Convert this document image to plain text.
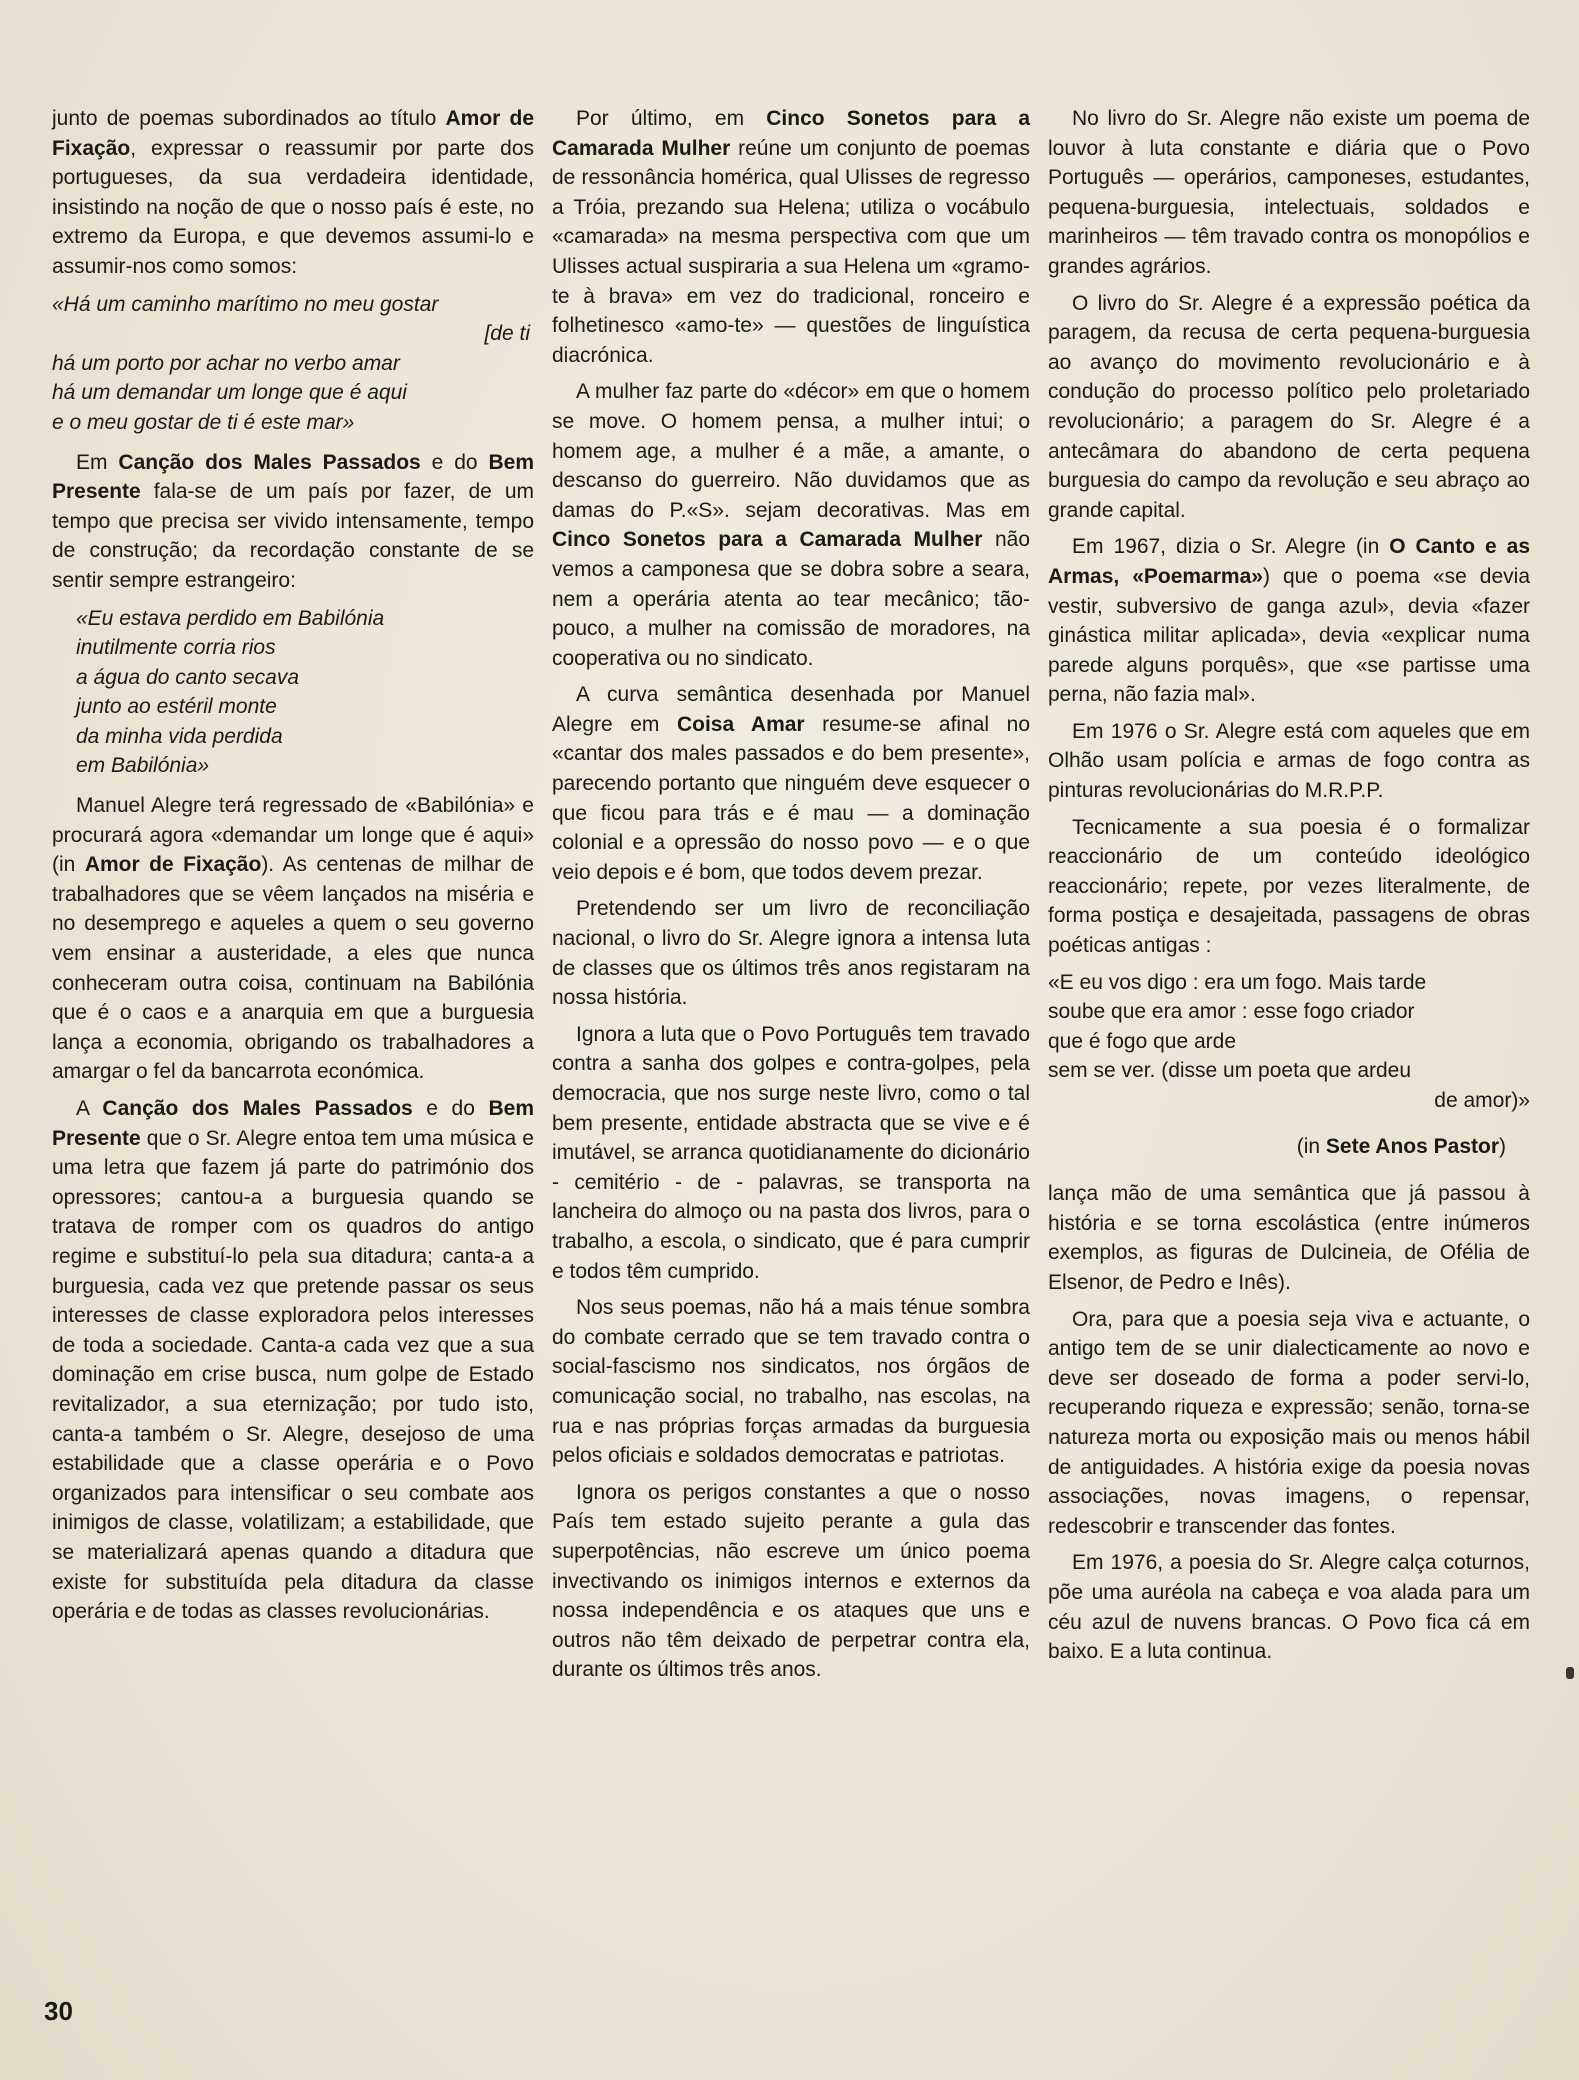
junto de poemas subordinados ao título Amor de Fixação, expressar o reassumir por parte dos portugueses, da sua verdadeira identidade, insistindo na noção de que o nosso país é este, no extremo da Europa, e que devemos assumi-lo e assumir-nos como somos:

«Há um caminho marítimo no meu gostar
[de ti
há um porto por achar no verbo amar
há um demandar um longe que é aqui
e o meu gostar de ti é este mar»

Em Canção dos Males Passados e do Bem Presente fala-se de um país por fazer, de um tempo que precisa ser vivido intensamente, tempo de construção; da recordação constante de se sentir sempre estrangeiro:

«Eu estava perdido em Babilónia
inutilmente corria rios
a água do canto secava
junto ao estéril monte
da minha vida perdida
em Babilónia»

Manuel Alegre terá regressado de «Babilónia» e procurará agora «demandar um longe que é aqui» (in Amor de Fixação). As centenas de milhar de trabalhadores que se vêem lançados na miséria e no desemprego e aqueles a quem o seu governo vem ensinar a austeridade, a eles que nunca conheceram outra coisa, continuam na Babilónia que é o caos e a anarquia em que a burguesia lança a economia, obrigando os trabalhadores a amargar o fel da bancarrota económica.

A Canção dos Males Passados e do Bem Presente que o Sr. Alegre entoa tem uma música e uma letra que fazem já parte do património dos opressores; cantou-a a burguesia quando se tratava de romper com os quadros do antigo regime e substituí-lo pela sua ditadura; canta-a a burguesia, cada vez que pretende passar os seus interesses de classe exploradora pelos interesses de toda a sociedade. Canta-a cada vez que a sua dominação em crise busca, num golpe de Estado revitalizador, a sua eternização; por tudo isto, canta-a também o Sr. Alegre, desejoso de uma estabilidade que a classe operária e o Povo organizados para intensificar o seu combate aos inimigos de classe, volatilizam; a estabilidade, que se materializará apenas quando a ditadura que existe for substituída pela ditadura da classe operária e de todas as classes revolucionárias.

Por último, em Cinco Sonetos para a Camarada Mulher reúne um conjunto de poemas de ressonância homérica, qual Ulisses de regresso a Tróia, prezando sua Helena; utiliza o vocábulo «camarada» na mesma perspectiva com que um Ulisses actual suspiraria a sua Helena um «gramo-te à brava» em vez do tradicional, ronceiro e folhetinesco «amo-te» — questões de linguística diacrónica.

A mulher faz parte do «décor» em que o homem se move. O homem pensa, a mulher intui; o homem age, a mulher é a mãe, a amante, o descanso do guerreiro. Não duvidamos que as damas do P.«S». sejam decorativas. Mas em Cinco Sonetos para a Camarada Mulher não vemos a camponesa que se dobra sobre a seara, nem a operária atenta ao tear mecânico; tão-pouco, a mulher na comissão de moradores, na cooperativa ou no sindicato.

A curva semântica desenhada por Manuel Alegre em Coisa Amar resume-se afinal no «cantar dos males passados e do bem presente», parecendo portanto que ninguém deve esquecer o que ficou para trás e é mau — a dominação colonial e a opressão do nosso povo — e o que veio depois e é bom, que todos devem prezar.

Pretendendo ser um livro de reconciliação nacional, o livro do Sr. Alegre ignora a intensa luta de classes que os últimos três anos registaram na nossa história.

Ignora a luta que o Povo Português tem travado contra a sanha dos golpes e contra-golpes, pela democracia, que nos surge neste livro, como o tal bem presente, entidade abstracta que se vive e é imutável, se arranca quotidianamente do dicionário - cemitério - de - palavras, se transporta na lancheira do almoço ou na pasta dos livros, para o trabalho, a escola, o sindicato, que é para cumprir e todos têm cumprido.

Nos seus poemas, não há a mais ténue sombra do combate cerrado que se tem travado contra o social-fascismo nos sindicatos, nos órgãos de comunicação social, no trabalho, nas escolas, na rua e nas próprias forças armadas da burguesia pelos oficiais e soldados democratas e patriotas.

Ignora os perigos constantes a que o nosso País tem estado sujeito perante a gula das superpotências, não escreve um único poema invectivando os inimigos internos e externos da nossa independência e os ataques que uns e outros não têm deixado de perpetrar contra ela, durante os últimos três anos.

No livro do Sr. Alegre não existe um poema de louvor à luta constante e diária que o Povo Português — operários, camponeses, estudantes, pequena-burguesia, intelectuais, soldados e marinheiros — têm travado contra os monopólios e grandes agrários.

O livro do Sr. Alegre é a expressão poética da paragem, da recusa de certa pequena-burguesia ao avanço do movimento revolucionário e à condução do processo político pelo proletariado revolucionário; a paragem do Sr. Alegre é a antecâmara do abandono de certa pequena burguesia do campo da revolução e seu abraço ao grande capital.

Em 1967, dizia o Sr. Alegre (in O Canto e as Armas, «Poemarma») que o poema «se devia vestir, subversivo de ganga azul», devia «fazer ginástica militar aplicada», devia «explicar numa parede alguns porquês», que «se partisse uma perna, não fazia mal».

Em 1976 o Sr. Alegre está com aqueles que em Olhão usam polícia e armas de fogo contra as pinturas revolucionárias do M.R.P.P.

Tecnicamente a sua poesia é o formalizar reaccionário de um conteúdo ideológico reaccionário; repete, por vezes literalmente, de forma postiça e desajeitada, passagens de obras poéticas antigas :

«E eu vos digo : era um fogo. Mais tarde
soube que era amor : esse fogo criador
que é fogo que arde
sem se ver. (disse um poeta que ardeu
de amor)»
(in Sete Anos Pastor)

lança mão de uma semântica que já passou à história e se torna escolástica (entre inúmeros exemplos, as figuras de Dulcineia, de Ofélia de Elsenor, de Pedro e Inês).

Ora, para que a poesia seja viva e actuante, o antigo tem de se unir dialecticamente ao novo e deve ser doseado de forma a poder servi-lo, recuperando riqueza e expressão; senão, torna-se natureza morta ou exposição mais ou menos hábil de antiguidades. A história exige da poesia novas associações, novas imagens, o repensar, redescobrir e transcender das fontes.

Em 1976, a poesia do Sr. Alegre calça coturnos, põe uma auréola na cabeça e voa alada para um céu azul de nuvens brancas. O Povo fica cá em baixo. E a luta continua.

30
